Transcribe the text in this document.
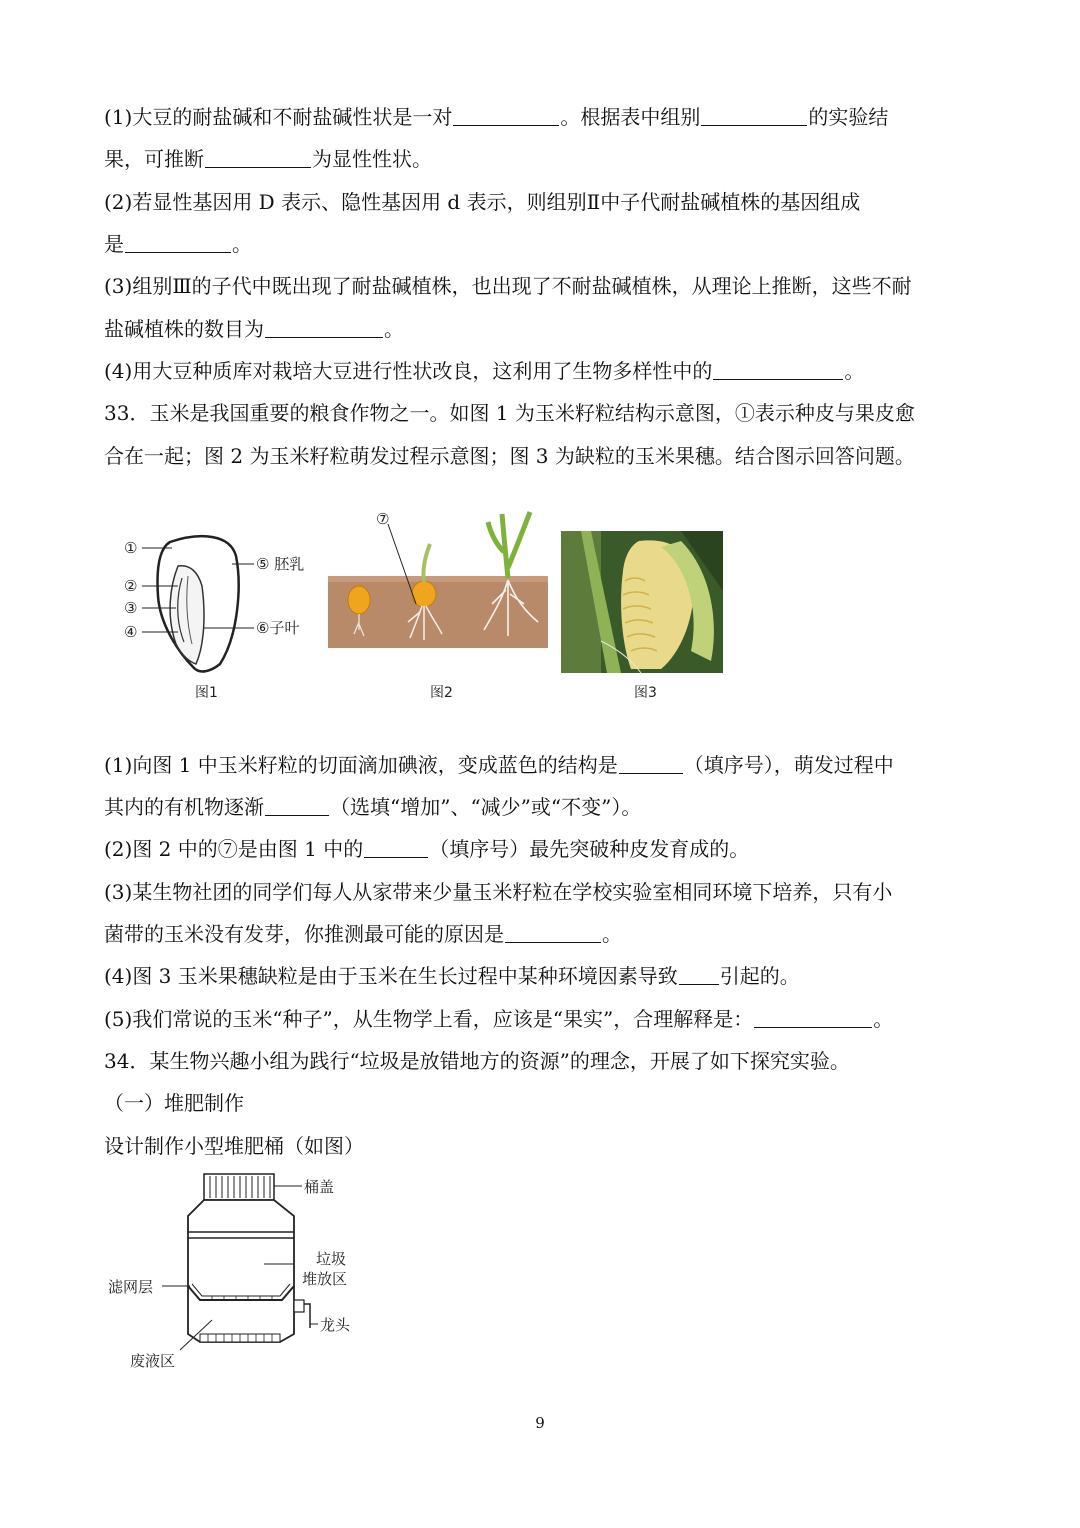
(1)大豆的耐盐碱和不耐盐碱性状是一对	。根据表中组别	的实验结
果，可推断	为显性性状。
(2)若显性基因用 D 表示、隐性基因用 d 表示，则组别Ⅱ中子代耐盐碱植株的基因组成
是	。
(3)组别Ⅲ的子代中既出现了耐盐碱植株，也出现了不耐盐碱植株，从理论上推断，这些不耐
盐碱植株的数目为	。
(4)用大豆种质库对栽培大豆进行性状改良，这利用了生物多样性中的	。
33．玉米是我国重要的粮食作物之一。如图 1 为玉米籽粒结构示意图，①表示种皮与果皮愈
合在一起；图 2 为玉米籽粒萌发过程示意图；图 3 为缺粒的玉米果穗。结合图示回答问题。
①
②
③
④
⑤ 胚乳
⑥子叶
图1
⑦
图2	图3
(1)向图 1 中玉米籽粒的切面滴加碘液，变成蓝色的结构是	（填序号），萌发过程中
其内的有机物逐渐	（选填“增加”、“减少”或“不变”）。
(2)图 2 中的⑦是由图 1 中的	（填序号）最先突破种皮发育成的。
(3)某生物社团的同学们每人从家带来少量玉米籽粒在学校实验室相同环境下培养，只有小
菌带的玉米没有发芽，你推测最可能的原因是	。
(4)图 3 玉米果穗缺粒是由于玉米在生长过程中某种环境因素导致 引起的。
(5)我们常说的玉米“种子”，从生物学上看，应该是“果实”，合理解释是：	。
34．某生物兴趣小组为践行“垃圾是放错地方的资源”的理念，开展了如下探究实验。
（一）堆肥制作
设计制作小型堆肥桶（如图）
桶盖
垃圾
堆放区
滤网层
龙头
废液区
9
